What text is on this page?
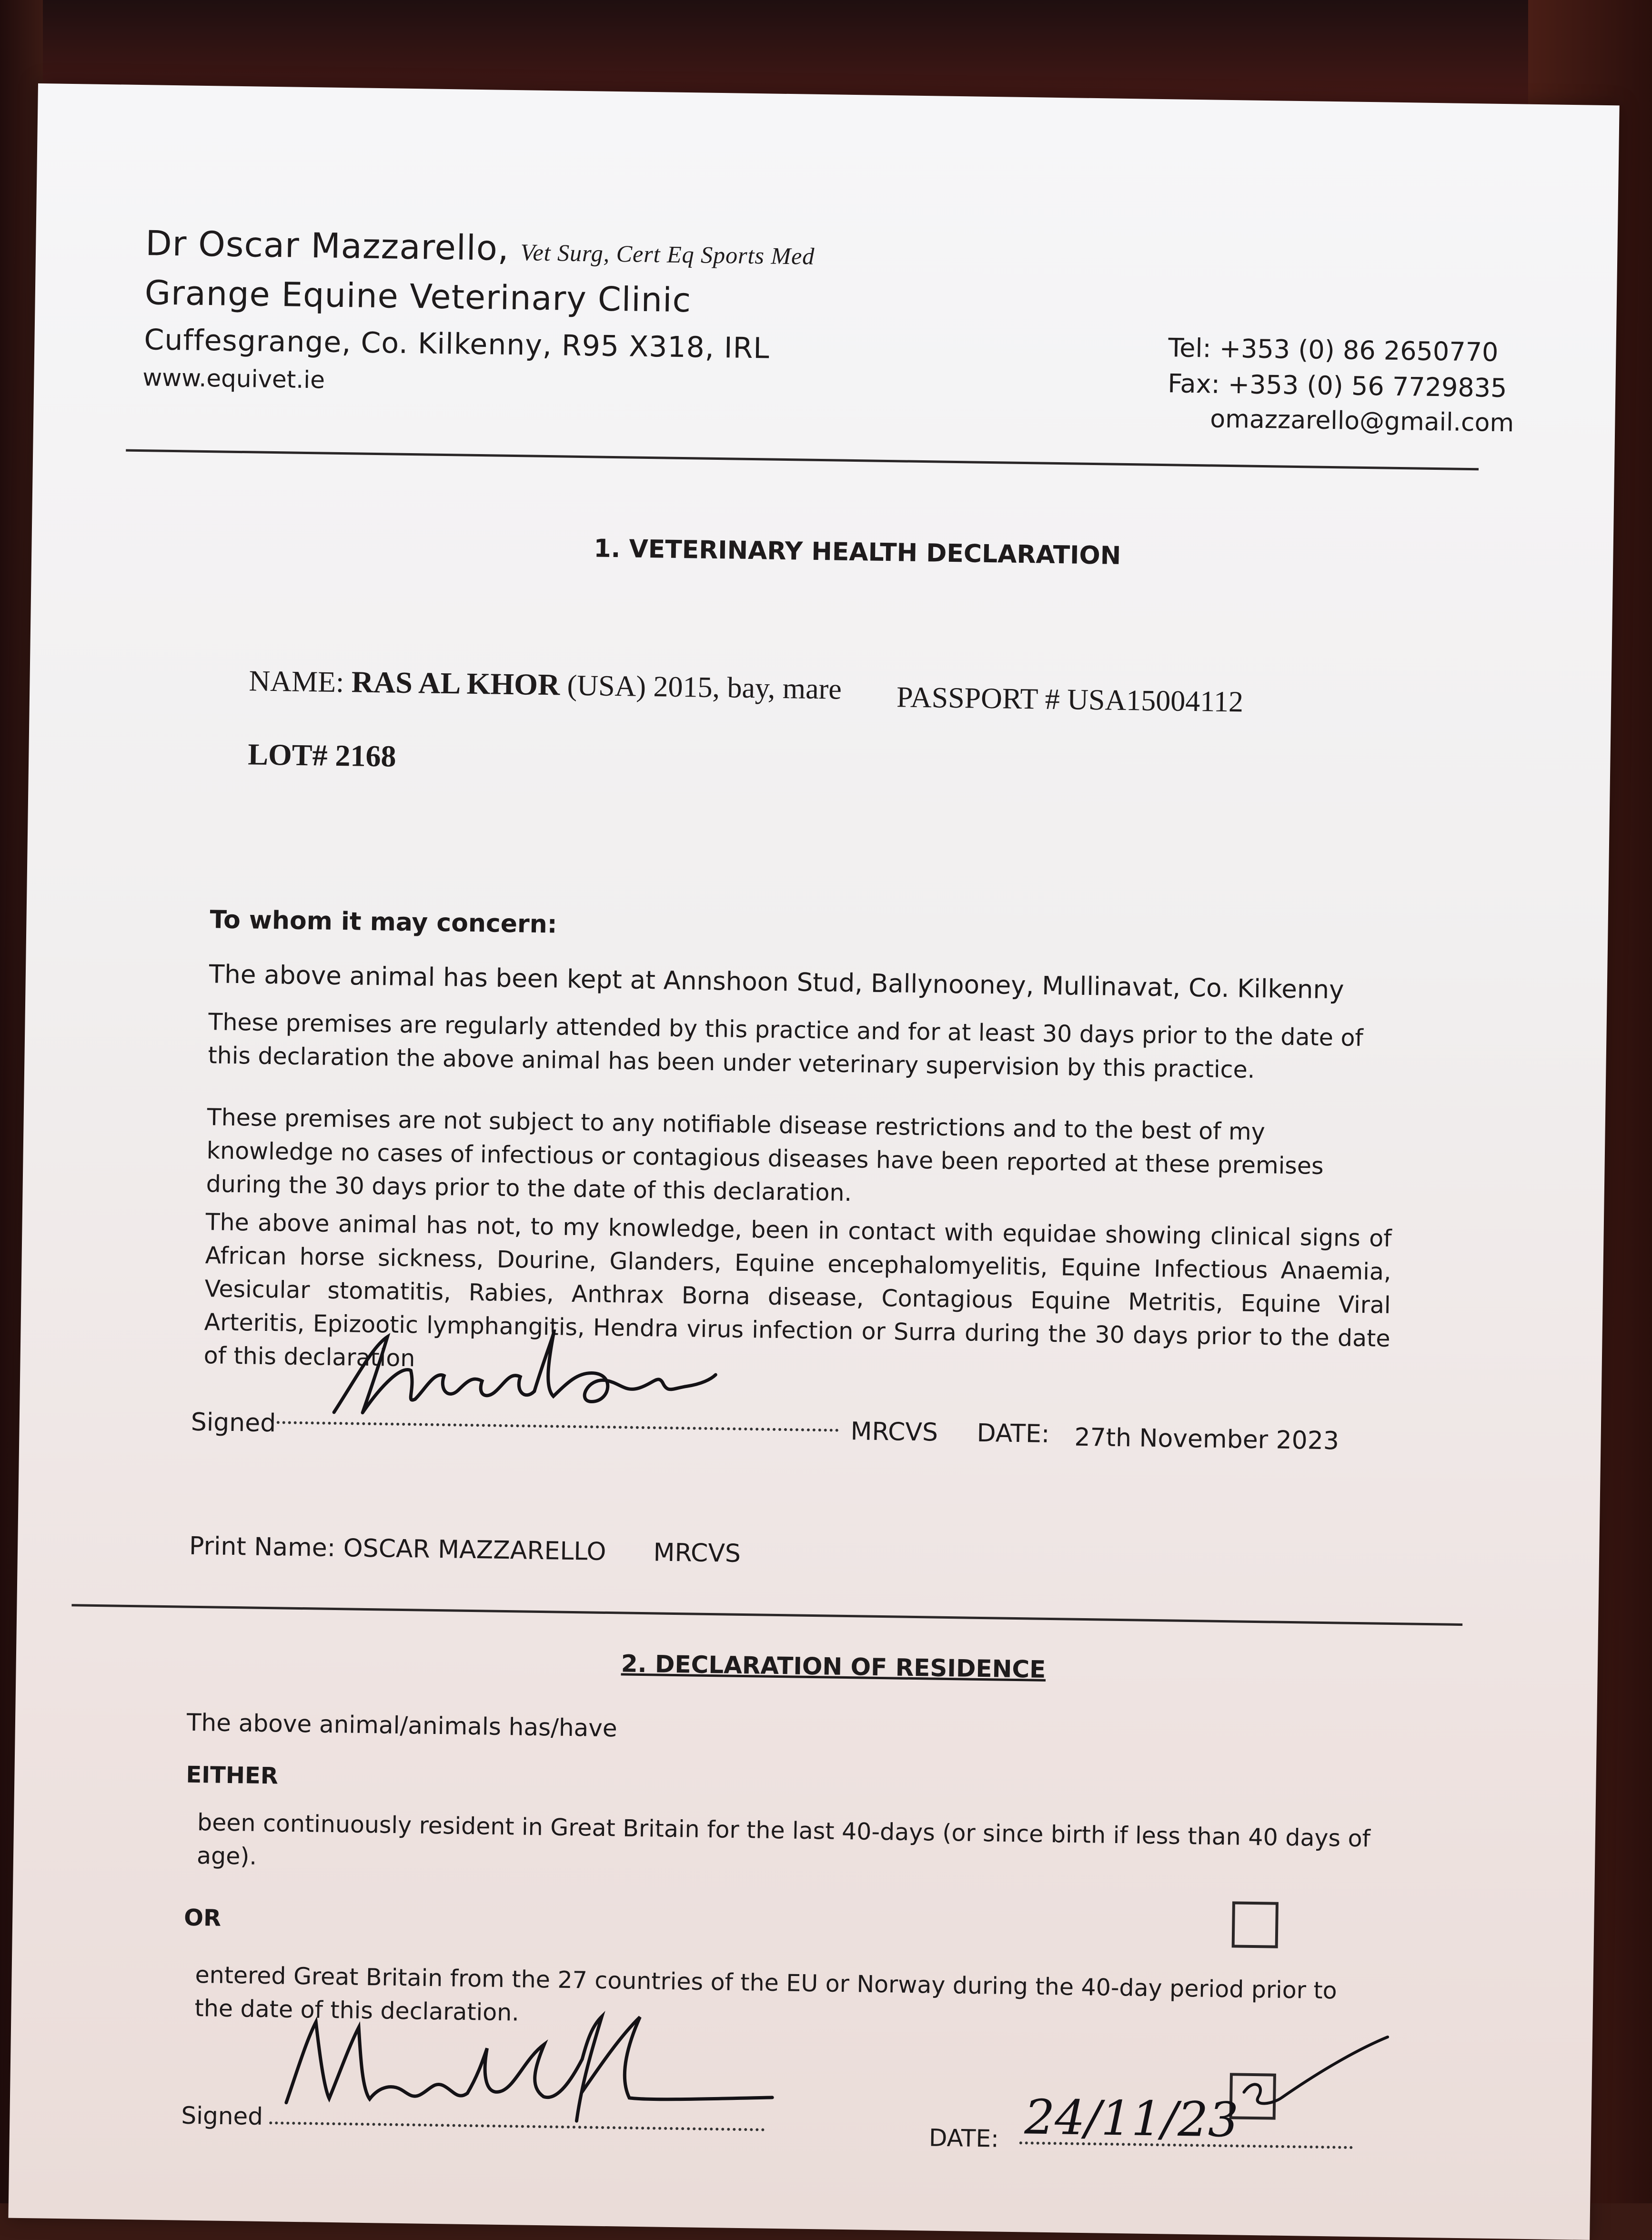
Dr Oscar Mazzarello, Vet Surg, Cert Eq Sports Med
Grange Equine Veterinary Clinic
Cuffesgrange, Co. Kilkenny, R95 X318, IRL
www.equivet.ie
Tel: +353 (0) 86 2650770
Fax: +353 (0) 56 7729835
omazzarello@gmail.com
1. VETERINARY HEALTH DECLARATION
NAME: RAS AL KHOR (USA) 2015, bay, mare PASSPORT # USA15004112
LOT# 2168
To whom it may concern:
The above animal has been kept at Annshoon Stud, Ballynooney, Mullinavat, Co. Kilkenny
These premises are regularly attended by this practice and for at least 30 days prior to the date of this declaration the above animal has been under veterinary supervision by this practice.
These premises are not subject to any notifiable disease restrictions and to the best of my knowledge no cases of infectious or contagious diseases have been reported at these premises during the 30 days prior to the date of this declaration.
The above animal has not, to my knowledge, been in contact with equidae showing clinical signs of African horse sickness, Dourine, Glanders, Equine encephalomyelitis, Equine Infectious Anaemia, Vesicular stomatitis, Rabies, Anthrax Borna disease, Contagious Equine Metritis, Equine Viral Arteritis, Epizootic lymphangitis, Hendra virus infection or Surra during the 30 days prior to the date of this declaration
Signed	MRCVS DATE: 27th November 2023
Print Name: OSCAR MAZZARELLO MRCVS
2. DECLARATION OF RESIDENCE
The above animal/animals has/have
EITHER
been continuously resident in Great Britain for the last 40-days (or since birth if less than 40 days of age).
OR
entered Great Britain from the 27 countries of the EU or Norway during the 40-day period prior to the date of this declaration.
Signed
DATE: 24/11/23
